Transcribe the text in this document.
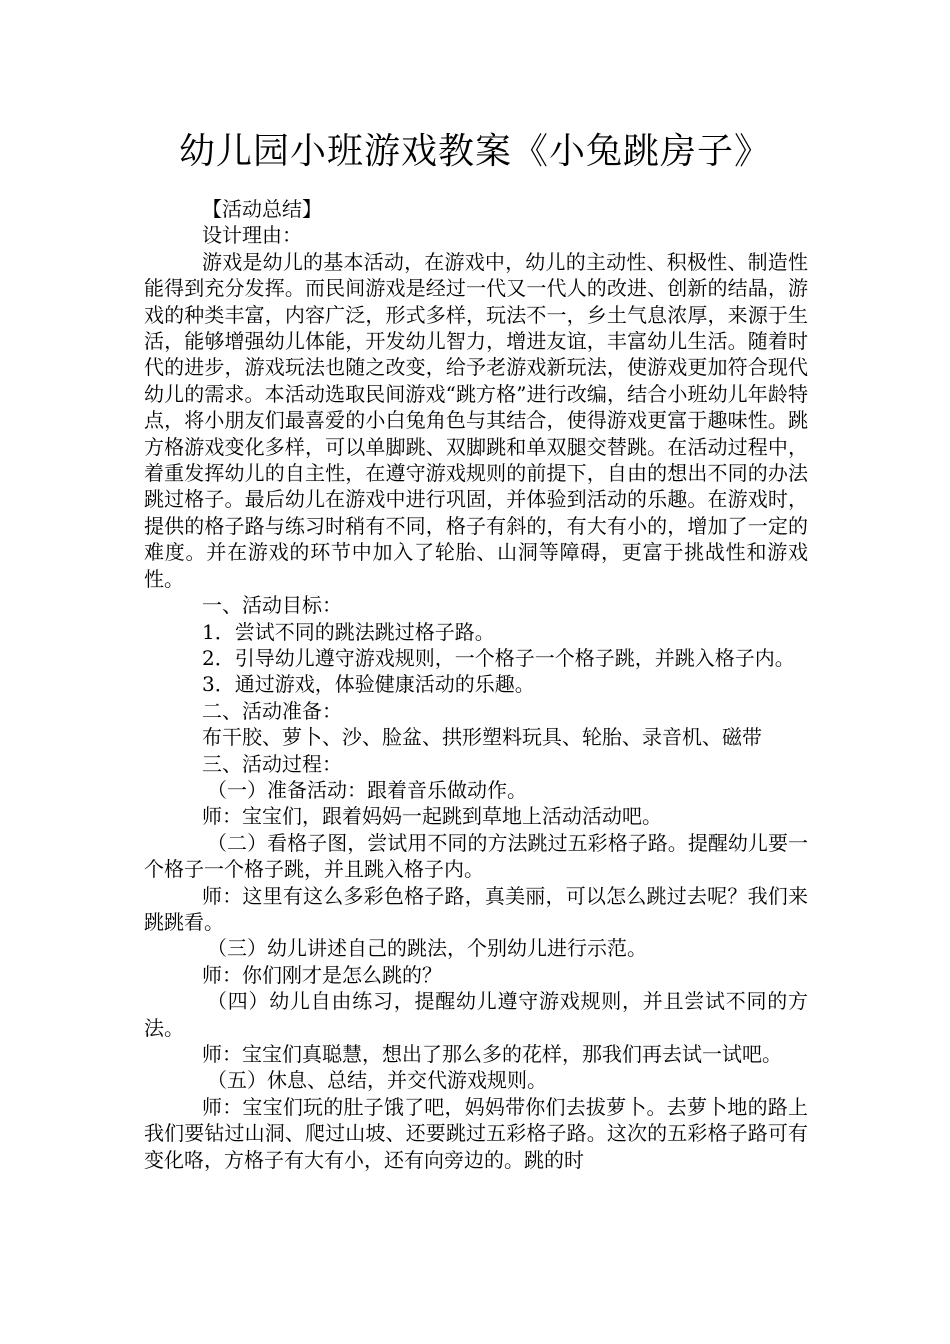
幼儿园小班游戏教案《小兔跳房子》

【活动总结】

设计理由：

游戏是幼儿的基本活动，在游戏中，幼儿的主动性、积极性、制造性能得到充分发挥。而民间游戏是经过一代又一代人的改进、创新的结晶，游戏的种类丰富，内容广泛，形式多样，玩法不一，乡土气息浓厚，来源于生活，能够增强幼儿体能，开发幼儿智力，增进友谊，丰富幼儿生活。随着时代的进步，游戏玩法也随之改变，给予老游戏新玩法，使游戏更加符合现代幼儿的需求。本活动选取民间游戏“跳方格”进行改编，结合小班幼儿年龄特点，将小朋友们最喜爱的小白兔角色与其结合，使得游戏更富于趣味性。跳方格游戏变化多样，可以单脚跳、双脚跳和单双腿交替跳。在活动过程中，着重发挥幼儿的自主性，在遵守游戏规则的前提下，自由的想出不同的办法跳过格子。最后幼儿在游戏中进行巩固，并体验到活动的乐趣。在游戏时，提供的格子路与练习时稍有不同，格子有斜的，有大有小的，增加了一定的难度。并在游戏的环节中加入了轮胎、山洞等障碍，更富于挑战性和游戏性。

一、活动目标：

1．尝试不同的跳法跳过格子路。

2．引导幼儿遵守游戏规则，一个格子一个格子跳，并跳入格子内。

3．通过游戏，体验健康活动的乐趣。

二、活动准备：

布干胶、萝卜、沙、脸盆、拱形塑料玩具、轮胎、录音机、磁带

三、活动过程：

（一）准备活动：跟着音乐做动作。

师：宝宝们，跟着妈妈一起跳到草地上活动活动吧。

（二）看格子图，尝试用不同的方法跳过五彩格子路。提醒幼儿要一个格子一个格子跳，并且跳入格子内。

师：这里有这么多彩色格子路，真美丽，可以怎么跳过去呢？我们来跳跳看。

（三）幼儿讲述自己的跳法，个别幼儿进行示范。

师：你们刚才是怎么跳的？

（四）幼儿自由练习，提醒幼儿遵守游戏规则，并且尝试不同的方法。

师：宝宝们真聪慧，想出了那么多的花样，那我们再去试一试吧。

（五）休息、总结，并交代游戏规则。

师：宝宝们玩的肚子饿了吧，妈妈带你们去拔萝卜。去萝卜地的路上我们要钻过山洞、爬过山坡、还要跳过五彩格子路。这次的五彩格子路可有变化咯，方格子有大有小，还有向旁边的。跳的时
